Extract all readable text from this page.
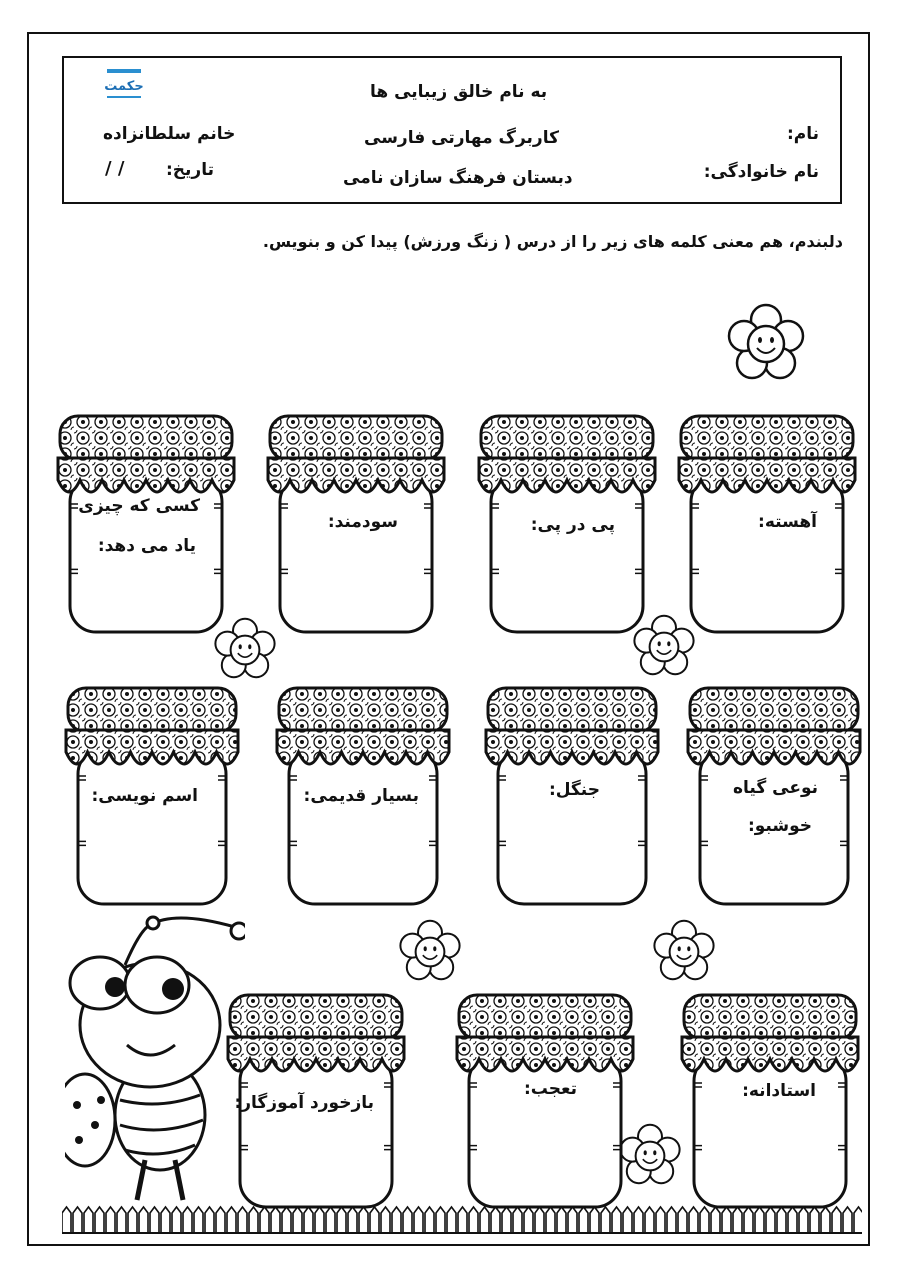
حکمت	به نام خالق زیبایی ها
کاربرگ مهارتی فارسی
دبستان فرهنگ سازان نامی
نام:
نام خانوادگی:
خانم سلطانزاده
تاریخ:
/ /
دلبندم، هم معنی کلمه های زیر را از درس ( زنگ ورزش) پیدا کن و بنویس.
آهسته:
پی در پی:
سودمند:
کسی که چیزی
یاد می دهد:
نوعی گیاه
خوشبو:
جنگل:
بسیار قدیمی:
اسم نویسی:
استادانه:
تعجب:
بازخورد آموزگار:
